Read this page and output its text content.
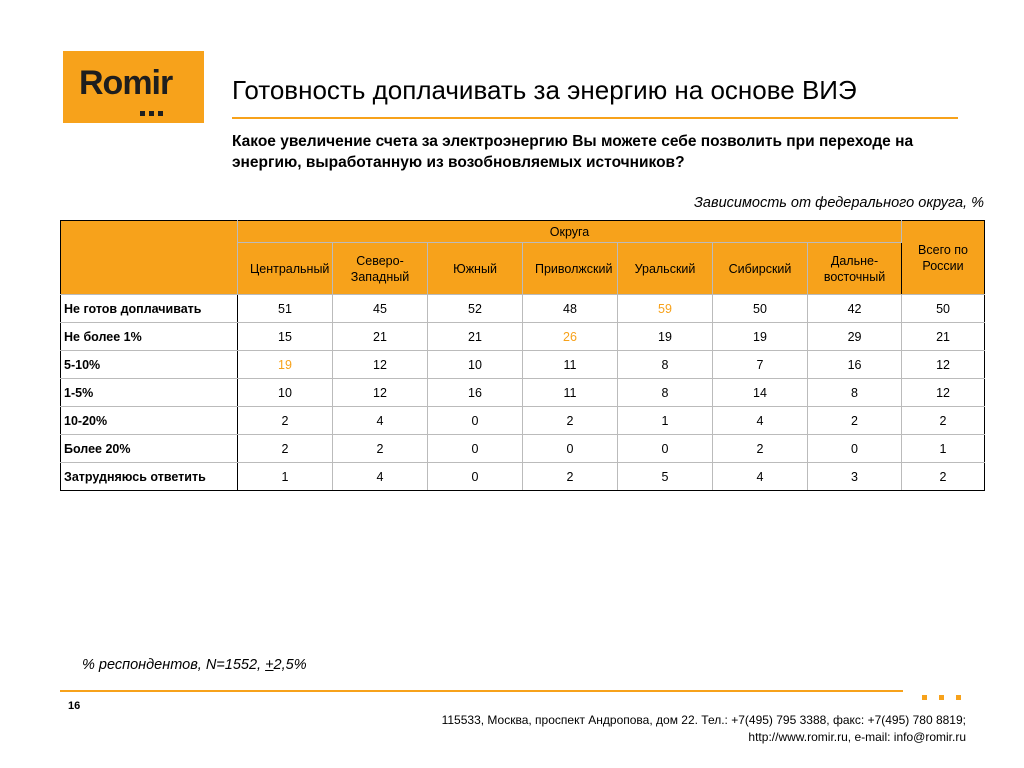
Romir Готовность доплачивать за энергию на основе ВИЭ
Какое увеличение счета за электроэнергию Вы можете себе позволить при переходе на энергию, выработанную из возобновляемых источников?
Зависимость от федерального округа, %
	Округа							Всего по России
	Центральный	Северо-Западный	Южный	Приволжский	Уральский	Сибирский	Дальне-восточный	
Не готов доплачивать	51	45	52	48	59	50	42	50
Не более 1%	15	21	21	26	19	19	29	21
5-10%	19	12	10	11	8	7	16	12
1-5%	10	12	16	11	8	14	8	12
10-20%	2	4	0	2	1	4	2	2
Более 20%	2	2	0	0	0	2	0	1
Затрудняюсь ответить	1	4	0	2	5	4	3	2
% респондентов, N=1552, +2,5%
16
115533, Москва, проспект Андропова, дом 22. Тел.: +7(495) 795 3388, факс: +7(495) 780 8819;
http://www.romir.ru, e-mail: info@romir.ru
